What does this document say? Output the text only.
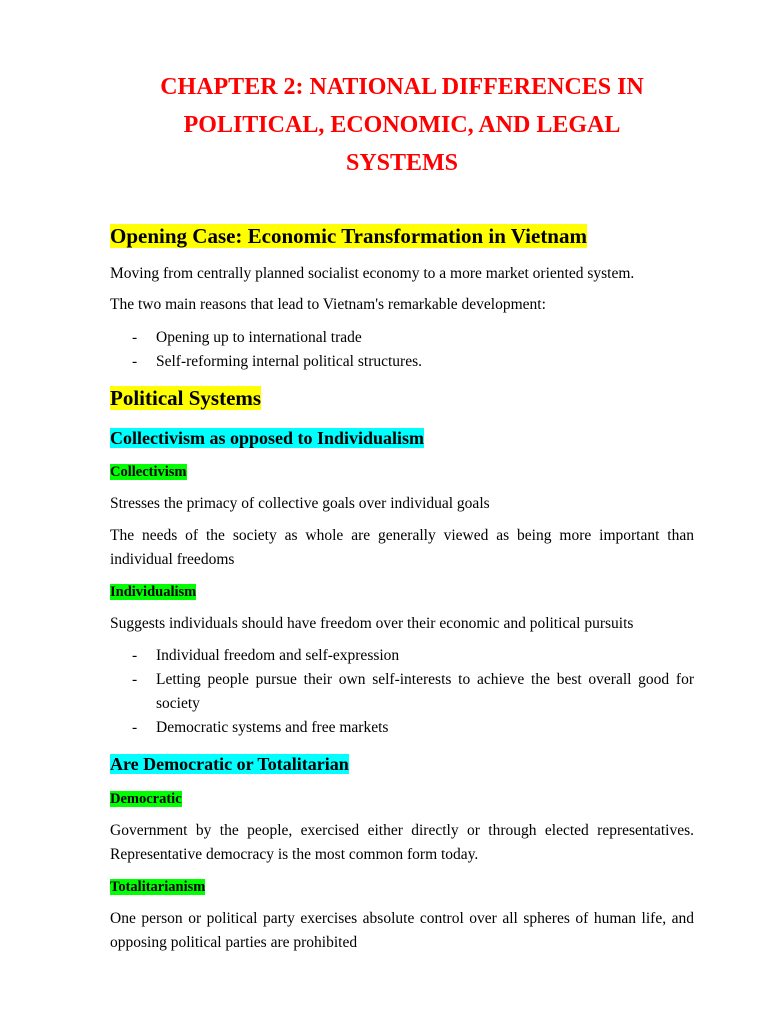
CHAPTER 2: NATIONAL DIFFERENCES IN
POLITICAL, ECONOMIC, AND LEGAL
SYSTEMS
Opening Case: Economic Transformation in Vietnam

Moving from centrally planned socialist economy to a more market oriented system.

The two main reasons that lead to Vietnam's remarkable development:

- Opening up to international trade
- Self-reforming internal political structures.
Political Systems
Collectivism as opposed to Individualism
Collectivism

Stresses the primacy of collective goals over individual goals

The needs of the society as whole are generally viewed as being more important than individual freedoms

Individualism

Suggests individuals should have freedom over their economic and political pursuits

- Individual freedom and self-expression
- Letting people pursue their own self-interests to achieve the best overall good for society
- Democratic systems and free markets
Are Democratic or Totalitarian
Democratic

Government by the people, exercised either directly or through elected representatives. Representative democracy is the most common form today.

Totalitarianism

One person or political party exercises absolute control over all spheres of human life, and opposing political parties are prohibited
